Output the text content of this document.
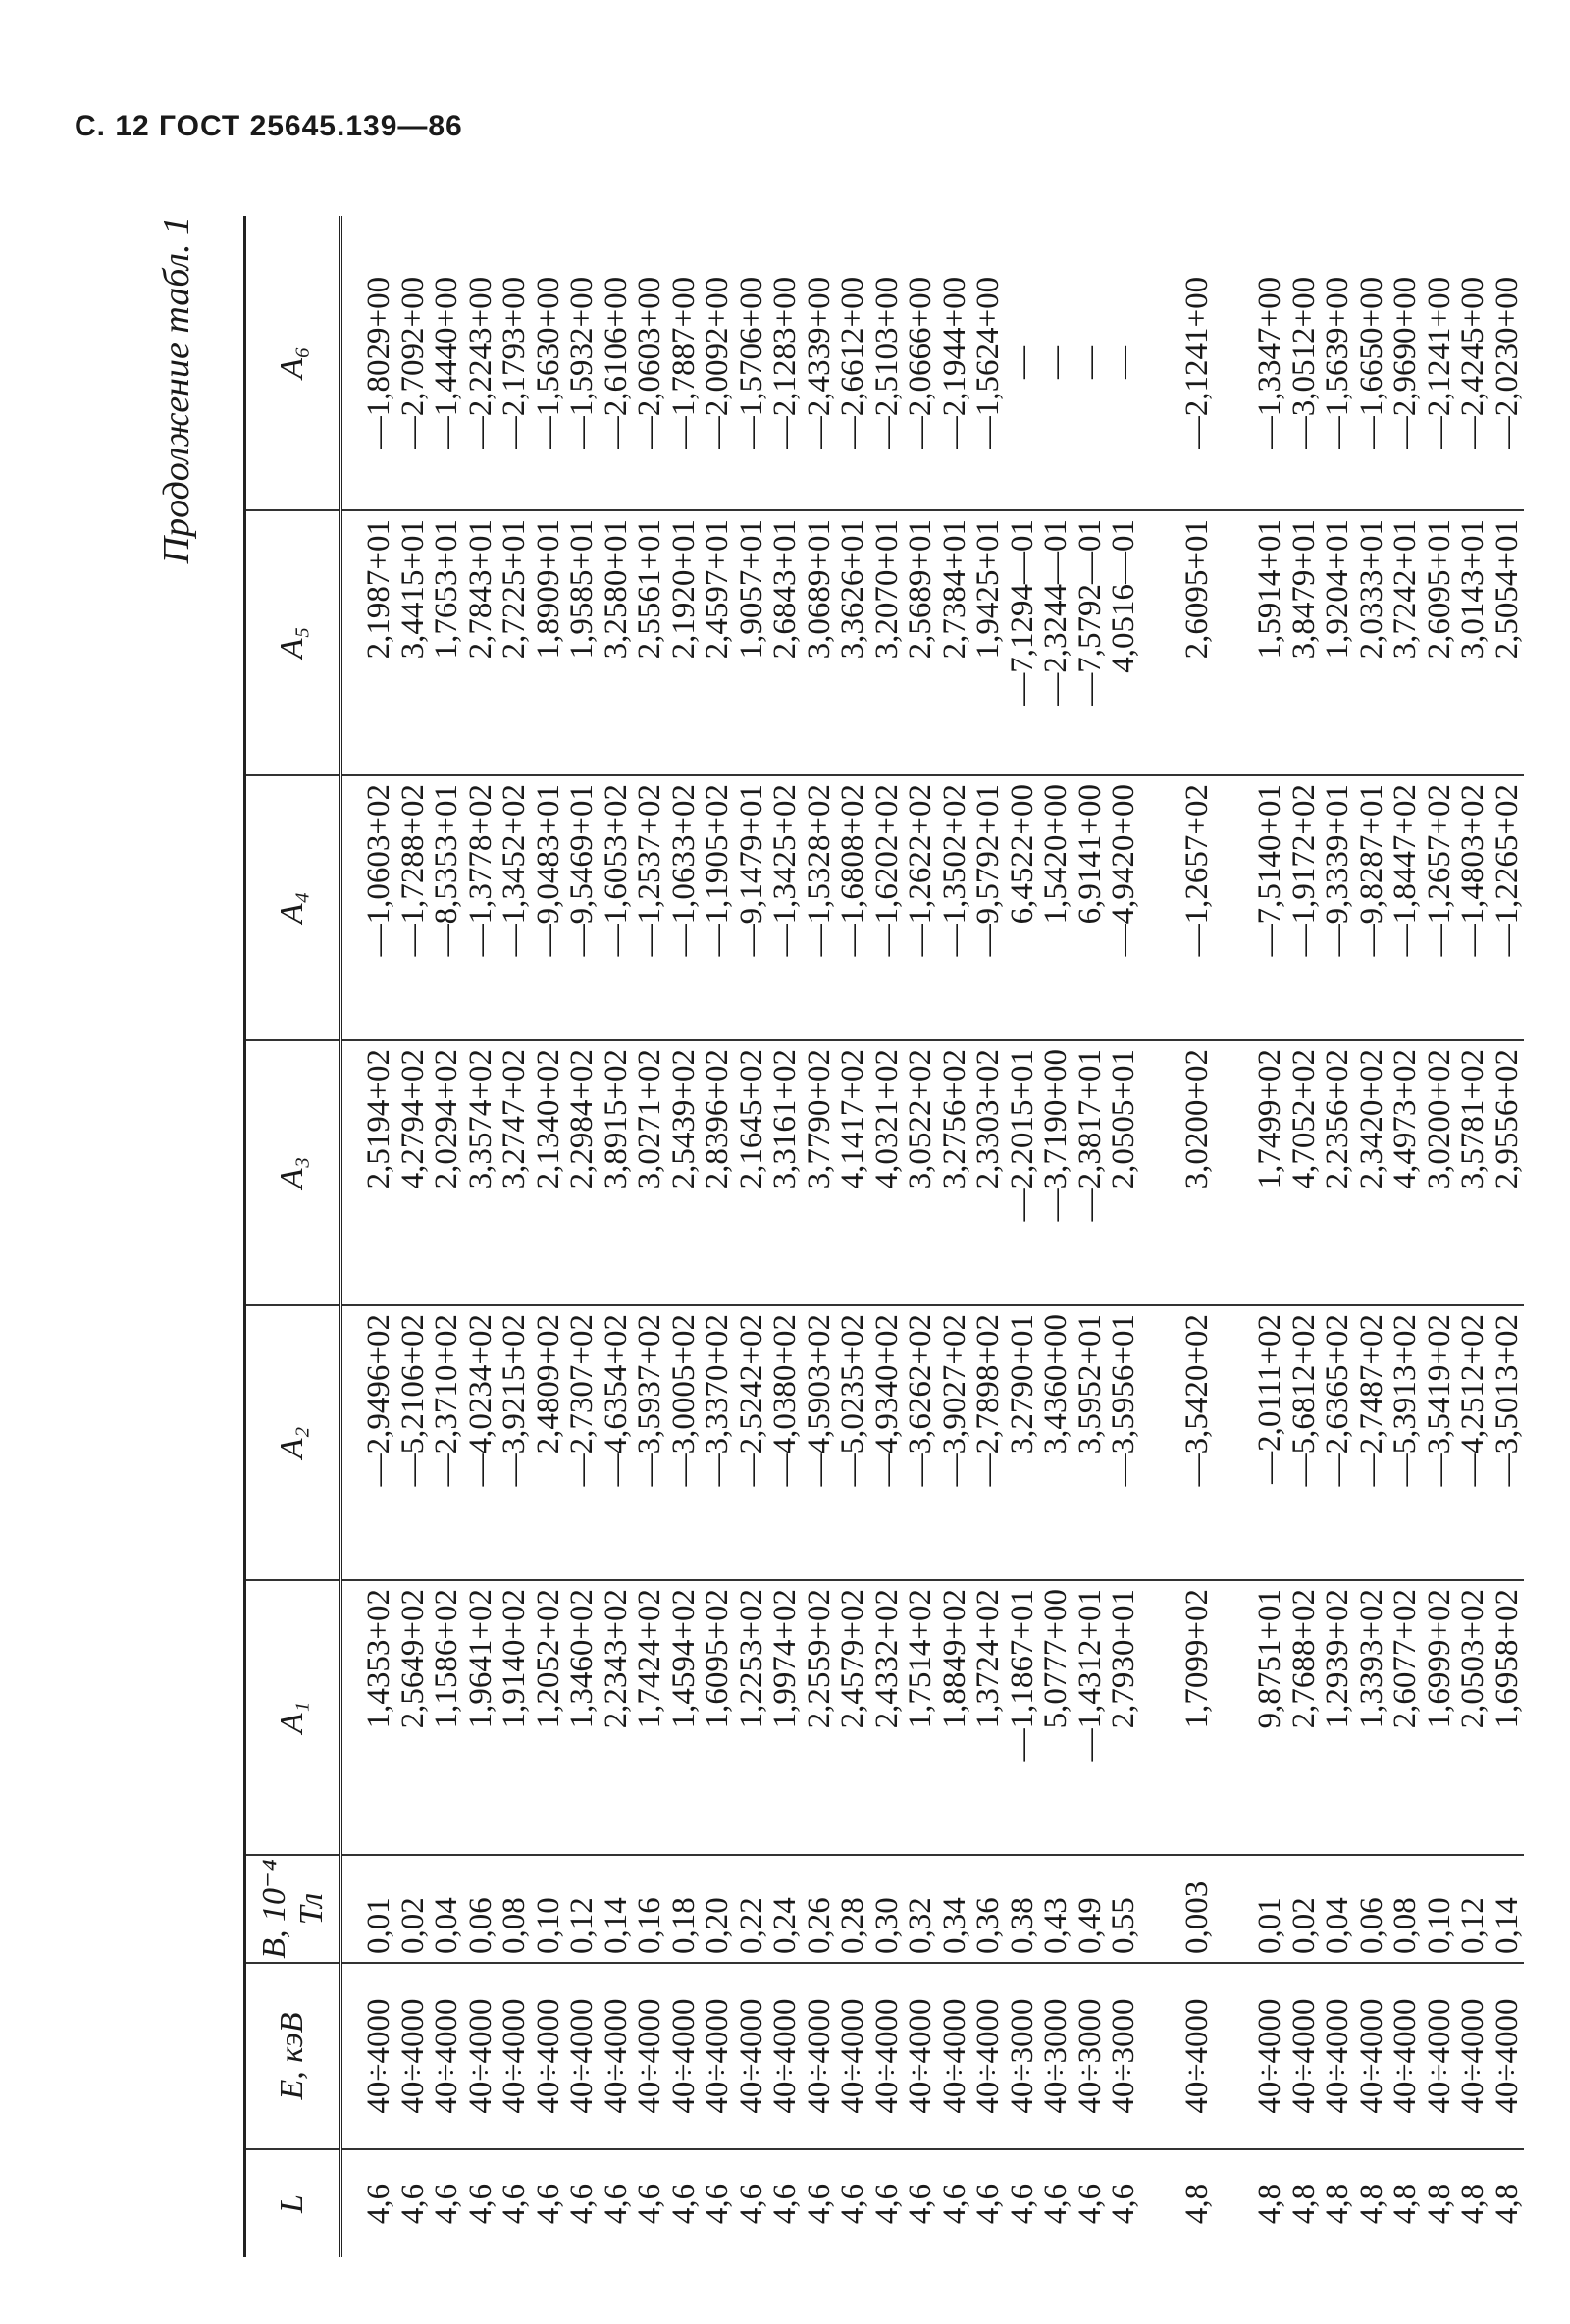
С. 12 ГОСТ 25645.139—86
Продолжение табл. 1
L	E, кэВ	B, 10⁻⁴ Тл	A₁	A₂	A₃	A₄	A₅	A₆
4,6	40÷4000	0,01	1,4353+02	—2,9496+02	2,5194+02	—1,0603+02	2,1987+01	—1,8029+00
4,6	40÷4000	0,02	2,5649+02	—5,2106+02	4,2794+02	—1,7288+02	3,4415+01	—2,7092+00
4,6	40÷4000	0,04	1,1586+02	—2,3710+02	2,0294+02	—8,5353+01	1,7653+01	—1,4440+00
4,6	40÷4000	0,06	1,9641+02	—4,0234+02	3,3574+02	—1,3778+02	2,7843+01	—2,2243+00
4,6	40÷4000	0,08	1,9140+02	—3,9215+02	3,2747+02	—1,3452+02	2,7225+01	—2,1793+00
4,6	40÷4000	0,10	1,2052+02	2,4809+02	2,1340+02	—9,0483+01	1,8909+01	—1,5630+00
4,6	40÷4000	0,12	1,3460+02	—2,7307+02	2,2984+02	—9,5469+01	1,9585+01	—1,5932+00
4,6	40÷4000	0,14	2,2343+02	—4,6354+02	3,8915+02	—1,6053+02	3,2580+01	—2,6106+00
4,6	40÷4000	0,16	1,7424+02	—3,5937+02	3,0271+02	—1,2537+02	2,5561+01	—2,0603+00
4,6	40÷4000	0,18	1,4594+02	—3,0005+02	2,5439+02	—1,0633+02	2,1920+01	—1,7887+00
4,6	40÷4000	0,20	1,6095+02	—3,3370+02	2,8396+02	—1,1905+02	2,4597+01	—2,0092+00
4,6	40÷4000	0,22	1,2253+02	—2,5242+02	2,1645+02	—9,1479+01	1,9057+01	—1,5706+00
4,6	40÷4000	0,24	1,9974+02	—4,0380+02	3,3161+02	—1,3425+02	2,6843+01	—2,1283+00
4,6	40÷4000	0,26	2,2559+02	—4,5903+02	3,7790+02	—1,5328+02	3,0689+01	—2,4339+00
4,6	40÷4000	0,28	2,4579+02	—5,0235+02	4,1417+02	—1,6808+02	3,3626+01	—2,6612+00
4,6	40÷4000	0,30	2,4332+02	—4,9340+02	4,0321+02	—1,6202+02	3,2070+01	—2,5103+00
4,6	40÷4000	0,32	1,7514+02	—3,6262+02	3,0522+02	—1,2622+02	2,5689+01	—2,0666+00
4,6	40÷4000	0,34	1,8849+02	—3,9027+02	3,2756+02	—1,3502+02	2,7384+01	—2,1944+00
4,6	40÷4000	0,36	1,3724+02	—2,7898+02	2,3303+02	—9,5792+01	1,9425+01	—1,5624+00
4,6	40÷3000	0,38	—1,1867+01	3,2790+01	—2,2015+01	6,4522+00	—7,1294—01	—
4,6	40÷3000	0,43	5,0777+00	3,4360+00	—3,7190+00	1,5420+00	—2,3244—01	—
4,6	40÷3000	0,49	—1,4312+01	3,5952+01	—2,3817+01	6,9141+00	—7,5792—01	—
4,6	40÷3000	0,55	2,7930+01	—3,5956+01	2,0505+01	—4,9420+00	4,0516—01	—

4,8	40÷4000	0,003	1,7099+02	—3,5420+02	3,0200+02	—1,2657+02	2,6095+01	—2,1241+00

4,8	40÷4000	0,01	9,8751+01	—2,0111+02	1,7499+02	—7,5140+01	1,5914+01	—1,3347+00
4,8	40÷4000	0,02	2,7688+02	—5,6812+02	4,7052+02	—1,9172+02	3,8479+01	—3,0512+00
4,8	40÷4000	0,04	1,2939+02	—2,6365+02	2,2356+02	—9,3339+01	1,9204+01	—1,5639+00
4,8	40÷4000	0,06	1,3393+02	—2,7487+02	2,3420+02	—9,8287+01	2,0333+01	—1,6650+00
4,8	40÷4000	0,08	2,6077+02	—5,3913+02	4,4973+02	—1,8447+02	3,7242+01	—2,9690+00
4,8	40÷4000	0,10	1,6999+02	—3,5419+02	3,0200+02	—1,2657+02	2,6095+01	—2,1241+00
4,8	40÷4000	0,12	2,0503+02	—4,2512+02	3,5781+02	—1,4803+02	3,0143+01	—2,4245+00
4,8	40÷4000	0,14	1,6958+02	—3,5013+02	2,9556+02	—1,2265+02	2,5054+01	—2,0230+00
